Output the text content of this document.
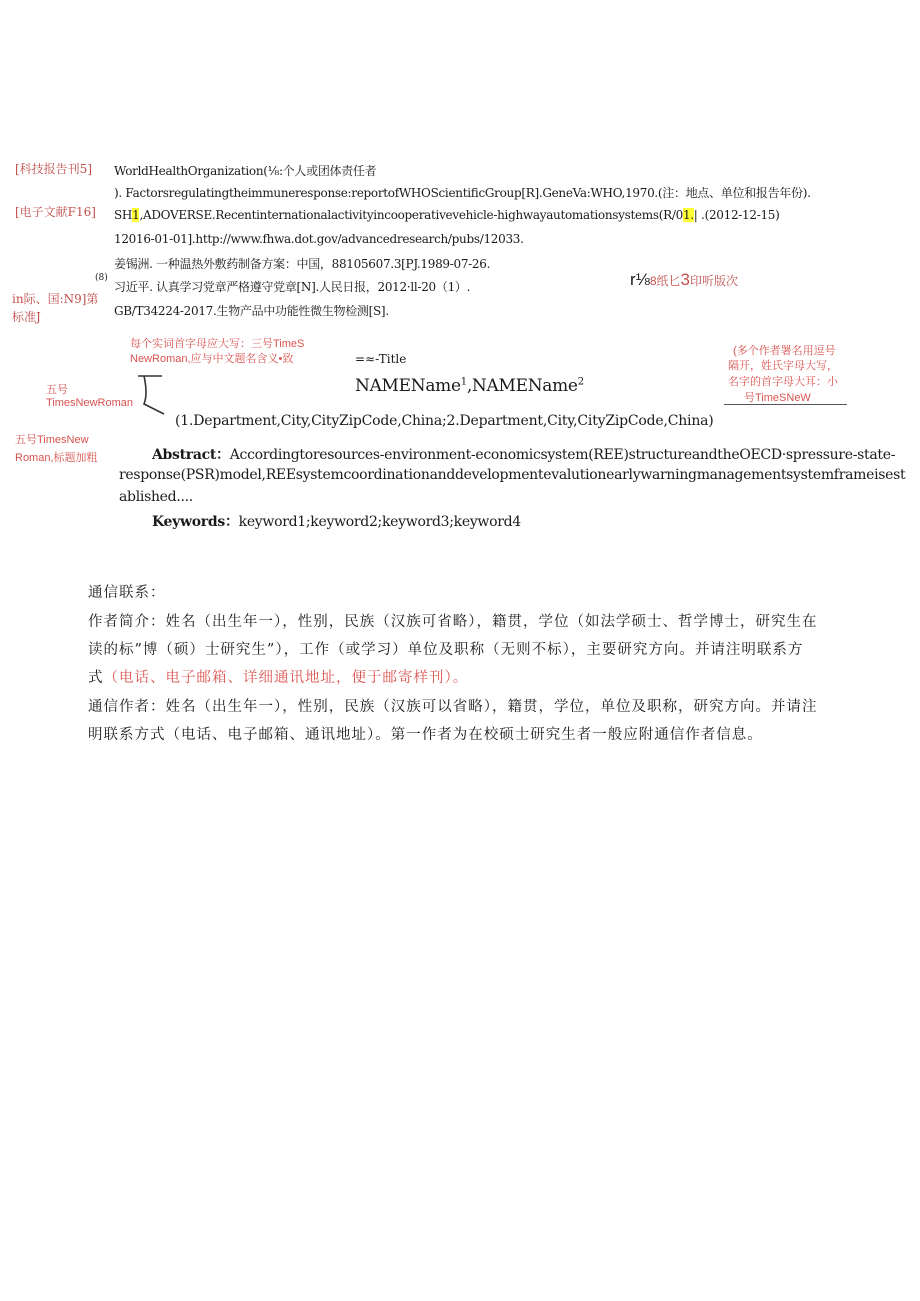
[科技报告刊5] WorldHealthOrganization(⅛:个人或团体责任者
). Factorsregulatingtheimmuneresponse:reportofWHOScientificGroup[R].GeneVa:WHO,1970.(注：地点、单位和报告年份).
[电子文献F16] SH1,ADOVERSE.Recentinternationalactivityincooperativevehicle-highwayautomationsystems(R/01.| .(2012-12-15)
12016-01-01].http://www.fhwa.dot.gov/advancedresearch/pubs/12033.
姜锡洲. 一种温热外敷药制备方案：中国，88105607.3[PJ.1989-07-26.
(8)
习近平. 认真学习党章严格遵守党章[N].人民日报，2012·ll-20（1）.	r⅛8纸匕3印听版次
in际、国:N9]第
标准J	GB/T34224-2017.生物产品中功能性微生物检测[S].
每个实词首字母应大写：三号TimeS
NewRoman,应与中文题名含义•致	=≈-Title
(多个作者署名用逗号
隔开，姓氏字母大写，
名字的首字母大耳：小
号TimeSNeW
NAMEName$^1$,NAMEName$^2$
五号
TimesNewRoman
(1.Department,City,CityZipCode,China;2.Department,City,CityZipCode,China)
五号TimesNew
Roman,标题加粗	Abstract：Accordingtoresources-environment-economicsystem(REE)structureandtheOECD·spressure-state-
response(PSR)model,REEsystemcoordinationanddevelopmentevalutionearlywarningmanagementsystemframeisest
ablished....
Keywords：keyword1;keyword2;keyword3;keyword4
通信联系：
作者简介：姓名（出生年一），性别，民族（汉族可省略），籍贯，学位（如法学硕士、哲学博士，研究生在
读的标”博（硕）士研究生”），工作（或学习）单位及职称（无则不标），主要研究方向。并请注明联系方
式（电话、电子邮箱、详细通讯地址，便于邮寄样刊）。
通信作者：姓名（出生年一），性别，民族（汉族可以省略），籍贯，学位，单位及职称，研究方向。并请注
明联系方式（电话、电子邮箱、通讯地址）。第一作者为在校硕士研究生者一般应附通信作者信息。
